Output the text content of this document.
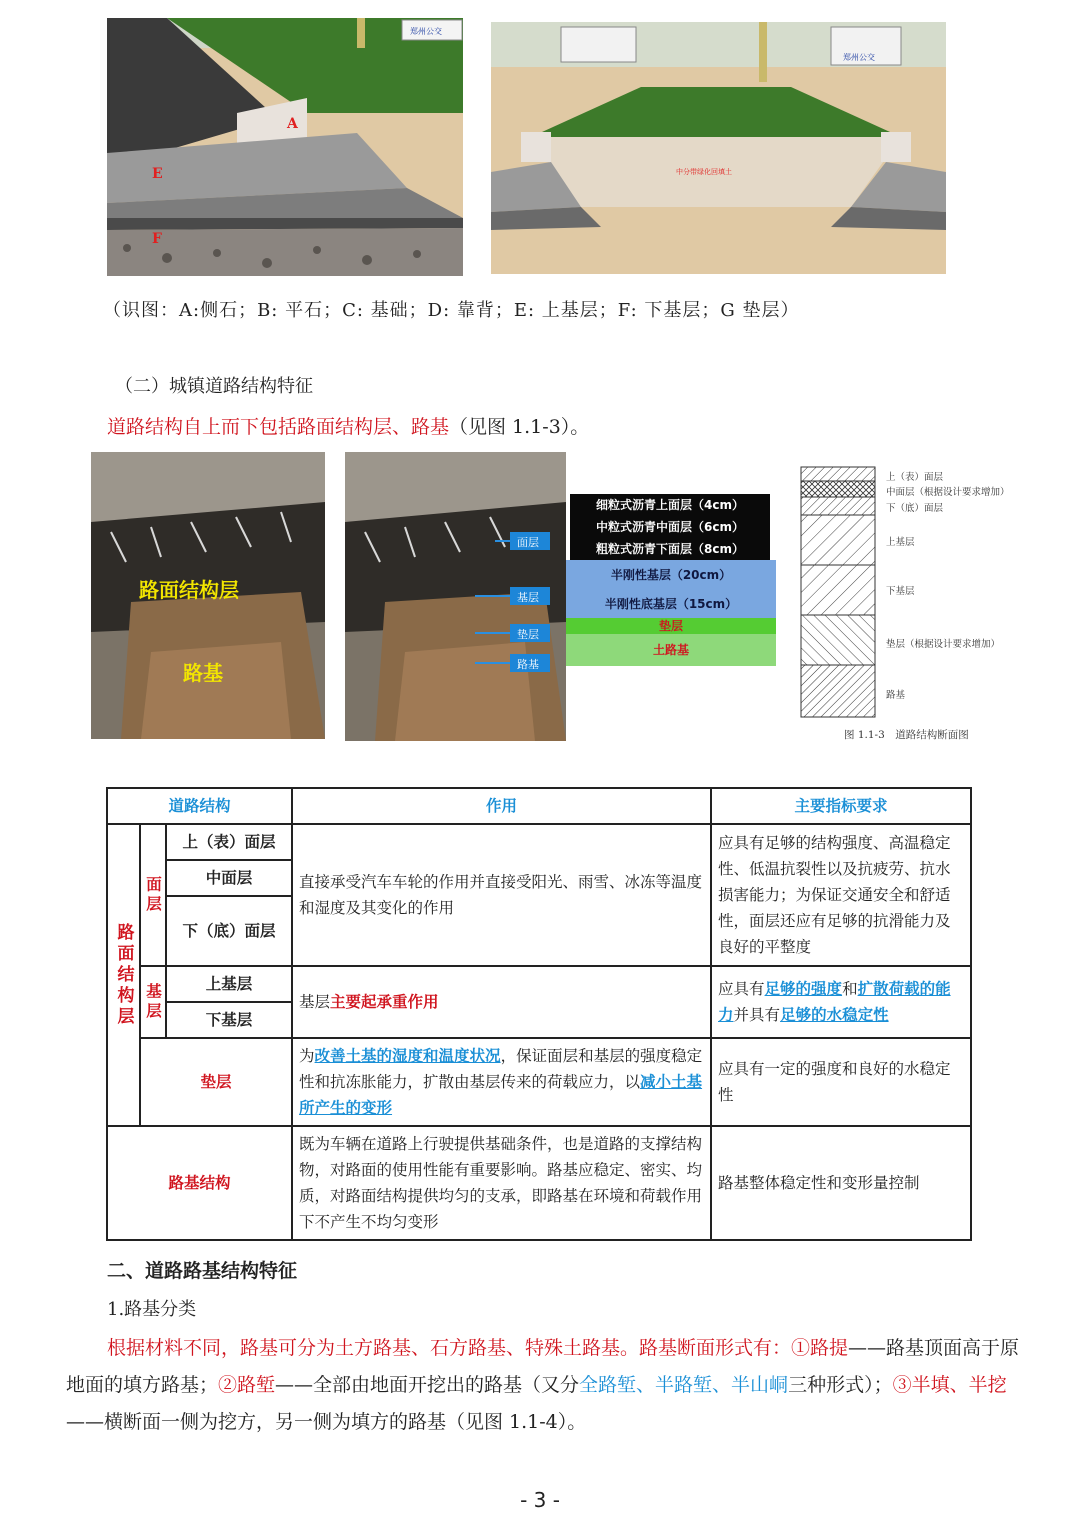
郑州公交
A
E
F
郑州公交
中分带绿化回填土
（识图：A:侧石；B: 平石；C: 基础；D: 靠背；E: 上基层；F: 下基层；G 垫层）
（二）城镇道路结构特征
道路结构自上而下包括路面结构层、路基（见图 1.1-3）。
路面结构层
路基
面层
基层
垫层
路基
细粒式沥青上面层（4cm）
中粒式沥青中面层（6cm）
粗粒式沥青下面层（8cm）
半刚性基层（20cm）
半刚性底基层（15cm）
垫层
土路基
上（表）面层
中面层（根据设计要求增加）
下（底）面层
上基层
下基层
垫层（根据设计要求增加）
路基
图 1.1-3　道路结构断面图
道路结构			作用	主要指标要求
路面结构层	面层	上（表）面层	直接承受汽车车轮的作用并直接受阳光、雨雪、冰冻等温度和湿度及其变化的作用	应具有足够的结构强度、高温稳定性、低温抗裂性以及抗疲劳、抗水损害能力；为保证交通安全和舒适性，面层还应有足够的抗滑能力及良好的平整度
		中面层		
		下（底）面层		
	基层	上基层	基层主要起承重作用	应具有足够的强度和扩散荷载的能力并具有足够的水稳定性
		下基层		
	垫层		为改善土基的湿度和温度状况，保证面层和基层的强度稳定性和抗冻胀能力，扩散由基层传来的荷载应力，以减小土基所产生的变形	应具有一定的强度和良好的水稳定性
路基结构			既为车辆在道路上行驶提供基础条件，也是道路的支撑结构物，对路面的使用性能有重要影响。路基应稳定、密实、均质，对路面结构提供均匀的支承，即路基在环境和荷载作用下不产生不均匀变形	路基整体稳定性和变形量控制
二、道路路基结构特征
1.路基分类
根据材料不同，路基可分为土方路基、石方路基、特殊土路基。路基断面形式有：①路提——路基顶面高于原地面的填方路基；②路堑——全部由地面开挖出的路基（又分全路堑、半路堑、半山峒三种形式）；③半填、半挖——横断面一侧为挖方，另一侧为填方的路基（见图 1.1-4）。
- 3 -
